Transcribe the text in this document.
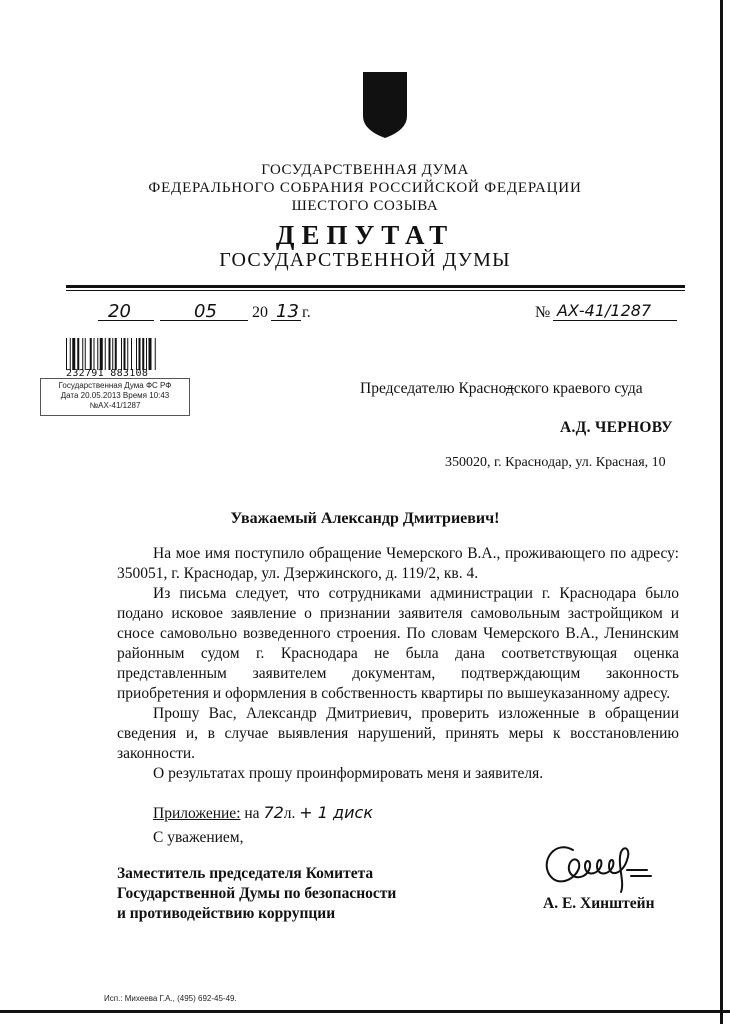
ГОСУДАРСТВЕННАЯ ДУМА
ФЕДЕРАЛЬНОГО СОБРАНИЯ РОССИЙСКОЙ ФЕДЕРАЦИИ
ШЕСТОГО СОЗЫВА
ДЕПУТАТ
ГОСУДАРСТВЕННОЙ ДУМЫ
20	05 20 13 г.	№ АХ-41/1287
232791 883108
Государственная Дума ФС РФ
Дата 20.05.2013 Время 10:43
№АХ-41/1287
Председателю Краснодского краевого суда
А.Д. ЧЕРНОВУ
350020, г. Краснодар, ул. Красная, 10
Уважаемый Александр Дмитриевич!

На мое имя поступило обращение Чемерского В.А., проживающего по адресу: 350051, г. Краснодар, ул. Дзержинского, д. 119/2, кв. 4.

Из письма следует, что сотрудниками администрации г. Краснодара было подано исковое заявление о признании заявителя самовольным застройщиком и сносе самовольно возведенного строения. По словам Чемерского В.А., Ленинским районным судом г. Краснодара не была дана соответствующая оценка представленным заявителем документам, подтверждающим законность приобретения и оформления в собственность квартиры по вышеуказанному адресу.

Прошу Вас, Александр Дмитриевич, проверить изложенные в обращении сведения и, в случае выявления нарушений, принять меры к восстановлению законности.

О результатах прошу проинформировать меня и заявителя.

Приложение: на 72л. + 1 диск
С уважением,
Заместитель председателя Комитета
Государственной Думы по безопасности
и противодействию коррупции
А. Е. Хинштейн
Исп.: Михеева Г.А., (495) 692-45-49.
